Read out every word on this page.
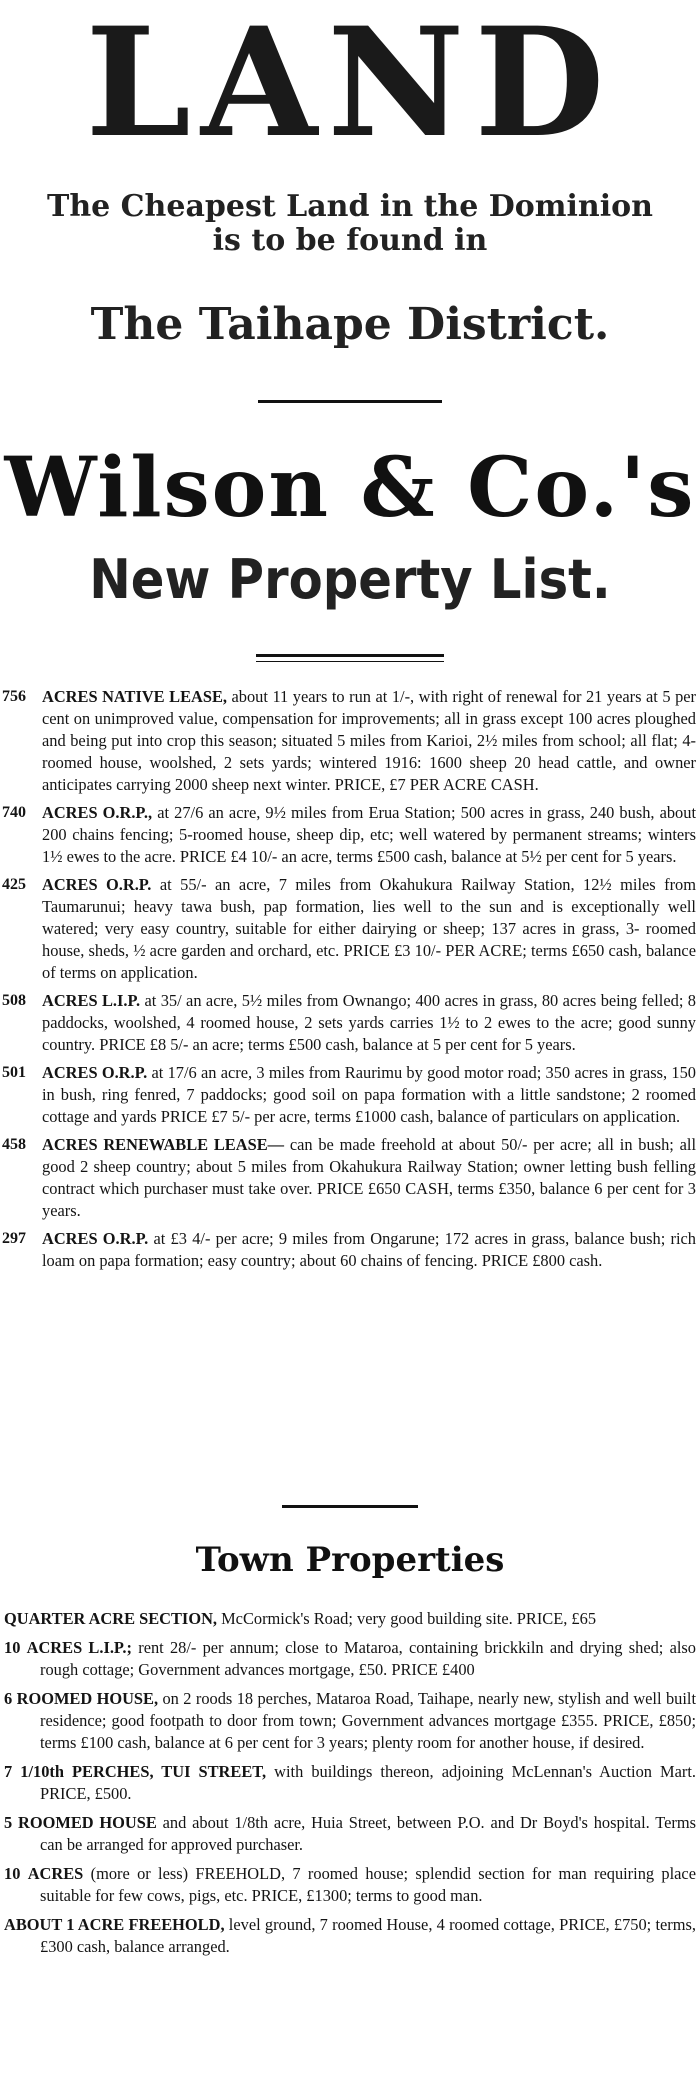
LAND
The Cheapest Land in the Dominion
is to be found in
The Taihape District.
Wilson & Co.'s
New Property List.
756 ACRES NATIVE LEASE, about 11 years to run at 1/-, with right of renewal for 21 years at 5 per cent on unimproved value, compensation for improvements; all in grass except 100 acres ploughed and being put into crop this season; situated 5 miles from Karioi, 2½ miles from school; all flat; 4-roomed house, woolshed, 2 sets yards; wintered 1916: 1600 sheep 20 head cattle, and owner anticipates carrying 2000 sheep next winter. PRICE, £7 PER ACRE CASH.
740 ACRES O.R.P., at 27/6 an acre, 9½ miles from Erua Station; 500 acres in grass, 240 bush, about 200 chains fencing; 5-roomed house, sheep dip, etc; well watered by permanent streams; winters 1½ ewes to the acre. PRICE £4 10/- an acre, terms £500 cash, balance at 5½ per cent for 5 years.
425 ACRES O.R.P. at 55/- an acre, 7 miles from Okahukura Railway Station, 12½ miles from Taumarunui; heavy tawa bush, pap formation, lies well to the sun and is exceptionally well watered; very easy country, suitable for either dairying or sheep; 137 acres in grass, 3- roomed house, sheds, ½ acre garden and orchard, etc. PRICE £3 10/- PER ACRE; terms £650 cash, balance of terms on application.
508 ACRES L.I.P. at 35/ an acre, 5½ miles from Ownango; 400 acres in grass, 80 acres being felled; 8 paddocks, woolshed, 4 roomed house, 2 sets yards carries 1½ to 2 ewes to the acre; good sunny country. PRICE £8 5/- an acre; terms £500 cash, balance at 5 per cent for 5 years.
501 ACRES O.R.P. at 17/6 an acre, 3 miles from Raurimu by good motor road; 350 acres in grass, 150 in bush, ring fenred, 7 paddocks; good soil on papa formation with a little sandstone; 2 roomed cottage and yards PRICE £7 5/- per acre, terms £1000 cash, balance of particulars on application.
458 ACRES RENEWABLE LEASE— can be made freehold at about 50/- per acre; all in bush; all good 2 sheep country; about 5 miles from Okahukura Railway Station; owner letting bush felling contract which purchaser must take over. PRICE £650 CASH, terms £350, balance 6 per cent for 3 years.
297 ACRES O.R.P. at £3 4/- per acre; 9 miles from Ongarune; 172 acres in grass, balance bush; rich loam on papa formation; easy country; about 60 chains of fencing. PRICE £800 cash.
Town Properties
QUARTER ACRE SECTION, McCormick's Road; very good building site. PRICE, £65
10 ACRES L.I.P.; rent 28/- per annum; close to Mataroa, containing brickkiln and drying shed; also rough cottage; Government advances mortgage, £50. PRICE £400
6 ROOMED HOUSE, on 2 roods 18 perches, Mataroa Road, Taihape, nearly new, stylish and well built residence; good footpath to door from town; Government advances mortgage £355. PRICE, £850; terms £100 cash, balance at 6 per cent for 3 years; plenty room for another house, if desired.
7 1/10th PERCHES, TUI STREET, with buildings thereon, adjoining McLennan's Auction Mart. PRICE, £500.
5 ROOMED HOUSE and about 1/8th acre, Huia Street, between P.O. and Dr Boyd's hospital. Terms can be arranged for approved purchaser.
10 ACRES (more or less) FREEHOLD, 7 roomed house; splendid section for man requiring place suitable for few cows, pigs, etc. PRICE, £1300; terms to good man.
ABOUT 1 ACRE FREEHOLD, level ground, 7 roomed House, 4 roomed cottage, PRICE, £750; terms, £300 cash, balance arranged.
